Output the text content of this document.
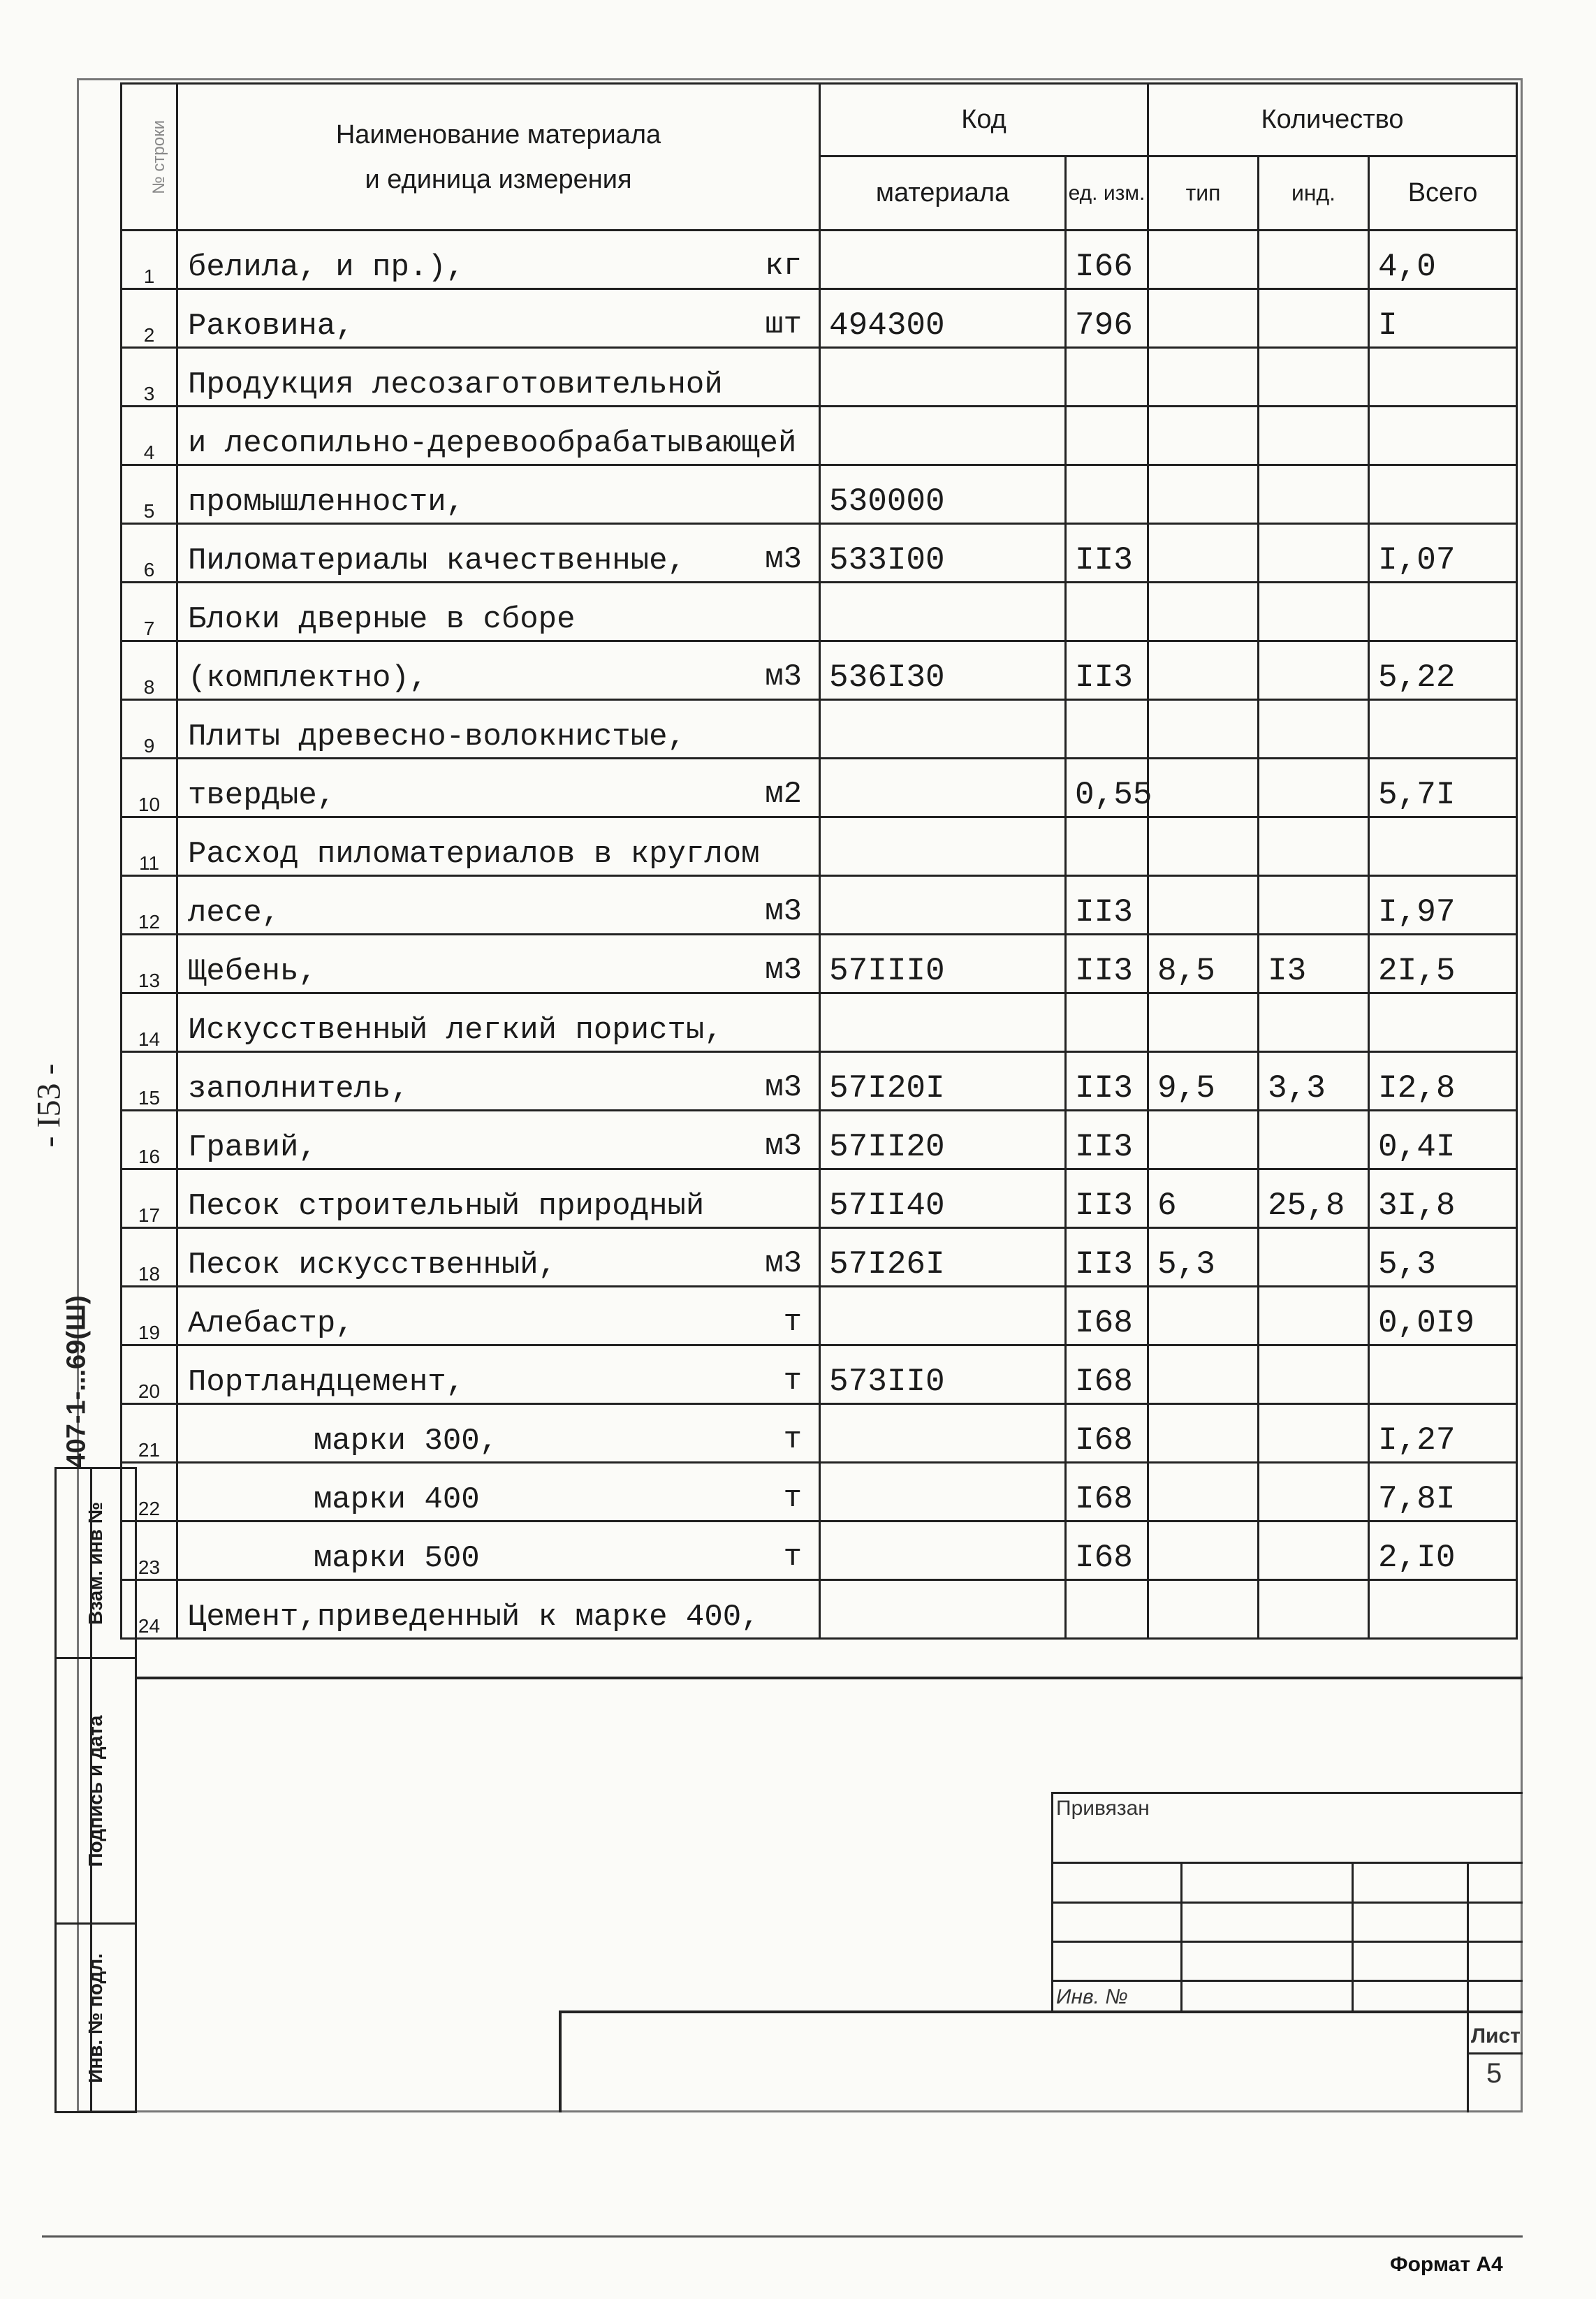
№ строки	Наименование материала
и единица измерения	Код		Количество		
		материала	ед. изм.	тип	инд.	Всего
1	белила, и пр.), кг		I66			4,0
2	Раковина, шт	494300	796			I
3	Продукция лесозаготовительной

4	и лесопильно-деревообрабатывающей

5	промышленности,	530000				
6	Пиломатериалы качественные, м3	533I00	II3			I,07
7	Блоки дверные в сборе

8	(комплектно), м3	536I30	II3			5,22
9	Плиты древесно-волокнистые,

10	твердые, м2		0,55			5,7I
11	Расход пиломатериалов в круглом

12	лесе, м3		II3			I,97
13	Щебень, м3	57III0	II3	8,5	I3	2I,5
14	Искусственный легкий пористы,

15	заполнитель, м3	57I20I	II3	9,5	3,3	I2,8
16	Гравий, м3	57II20	II3			0,4I
17	Песок строительный природный	57II40	II3	6	25,8	3I,8
18	Песок искусственный, м3	57I26I	II3	5,3		5,3
19	Алебастр, т		I68			0,0I9
20	Портландцемент, т	573II0	I68			
21	марки 300, т		I68			I,27
22	марки 400 т		I68			7,8I
23	марки 500 т		I68			2,I0
24	Цемент,приведенный к марке 400,

Взам. инв №
Подпись и дата
Инв. № подл.
407-1-...69(Ш)
- I53 -
Привязан
Инв. №
Лист
5
Формат А4
